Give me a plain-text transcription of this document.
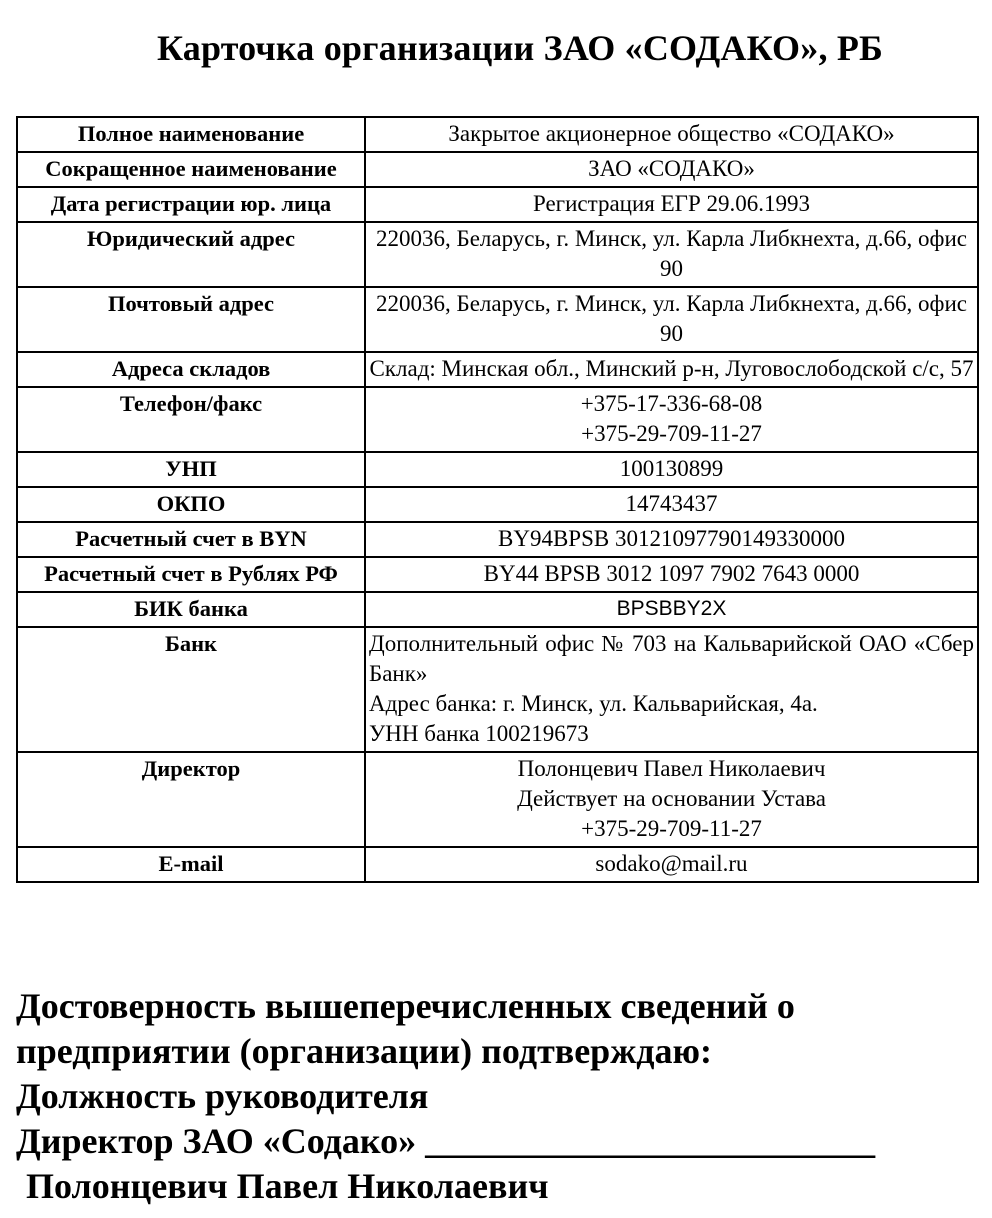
Карточка организации ЗАО «СОДАКО», РБ
Полное наименование	Закрытое акционерное общество «СОДАКО»

Сокращенное наименование	ЗАО «СОДАКО»

Дата регистрации юр. лица	Регистрация ЕГР 29.06.1993

Юридический адрес	220036, Беларусь, г. Минск, ул. Карла Либкнехта, д.66, офис 90

Почтовый адрес	220036, Беларусь, г. Минск, ул. Карла Либкнехта, д.66, офис 90

Адреса складов	Склад: Минская обл., Минский р-н, Луговослободской с/с, 57

Телефон/факс	+375-17-336-68-08
+375-29-709-11-27

УНП	100130899

ОКПО	14743437

Расчетный счет в BYN	BY94BPSB 30121097790149330000

Расчетный счет в Рублях РФ	BY44 BPSB 3012 1097 7902 7643 0000

БИК банка	BPSBBY2X

Банк	Дополнительный офис № 703 на Кальварийской ОАО «Сбер Банк»
Адрес банка: г. Минск, ул. Кальварийская, 4а.
УНН банка 100219673

Директор	Полонцевич Павел Николаевич
Действует на основании Устава
+375-29-709-11-27

E-mail	sodako@mail.ru
Достоверность вышеперечисленных сведений о
предприятии (организации) подтверждаю:
Должность руководителя
Директор ЗАО «Содако» _________________________
Полонцевич Павел Николаевич
